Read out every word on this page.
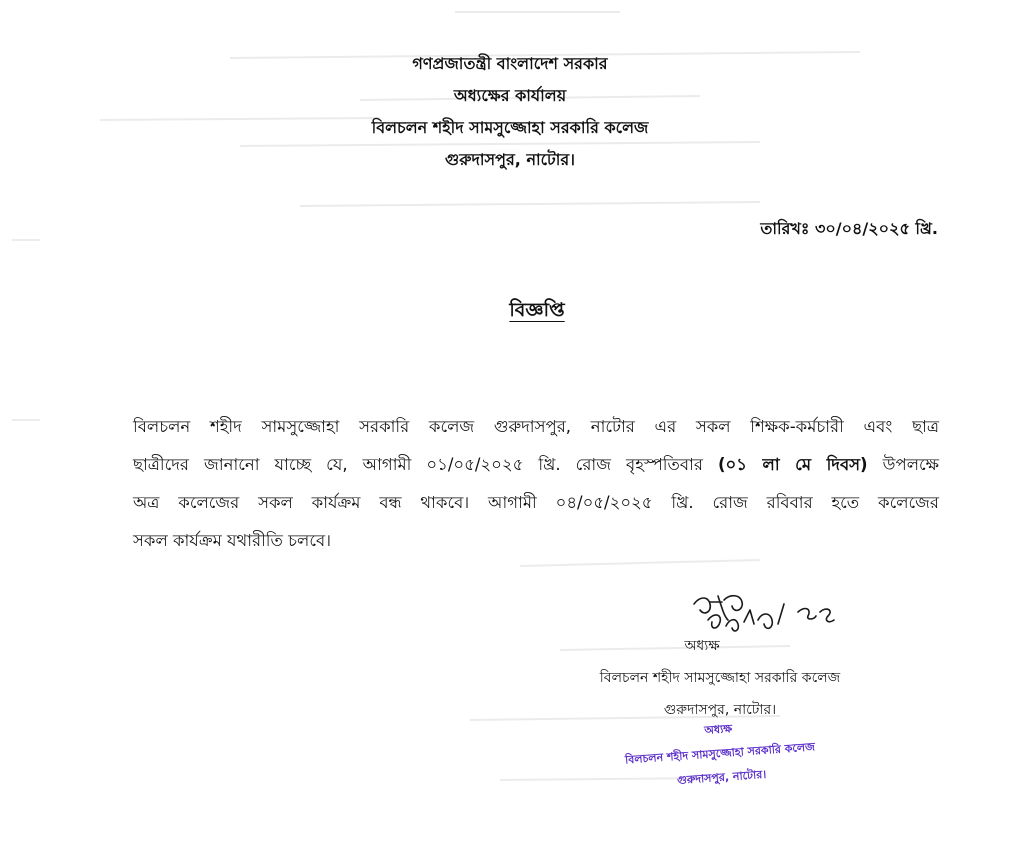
গণপ্রজাতন্ত্রী বাংলাদেশ সরকার
অধ্যক্ষের কার্যালয়
বিলচলন শহীদ সামসুজ্জোহা সরকারি কলেজ
গুরুদাসপুর, নাটোর।
তারিখঃ ৩০/০৪/২০২৫ খ্রি.
বিজ্ঞপ্তি
বিলচলন শহীদ সামসুজ্জোহা সরকারি কলেজ গুরুদাসপুর, নাটোর এর সকল শিক্ষক-কর্মচারী এবং ছাত্র
ছাত্রীদের জানানো যাচ্ছে যে, আগামী ০১/০৫/২০২৫ খ্রি. রোজ বৃহস্পতিবার (০১ লা মে দিবস) উপলক্ষে
অত্র কলেজের সকল কার্যক্রম বন্ধ থাকবে। আগামী ০৪/০৫/২০২৫ খ্রি. রোজ রবিবার হতে কলেজের
সকল কার্যক্রম যথারীতি চলবে।
অধ্যক্ষ
বিলচলন শহীদ সামসুজ্জোহা সরকারি কলেজ
গুরুদাসপুর, নাটোর।
অধ্যক্ষ
বিলচলন শহীদ সামসুজ্জোহা সরকারি কলেজ
গুরুদাসপুর, নাটোর।
